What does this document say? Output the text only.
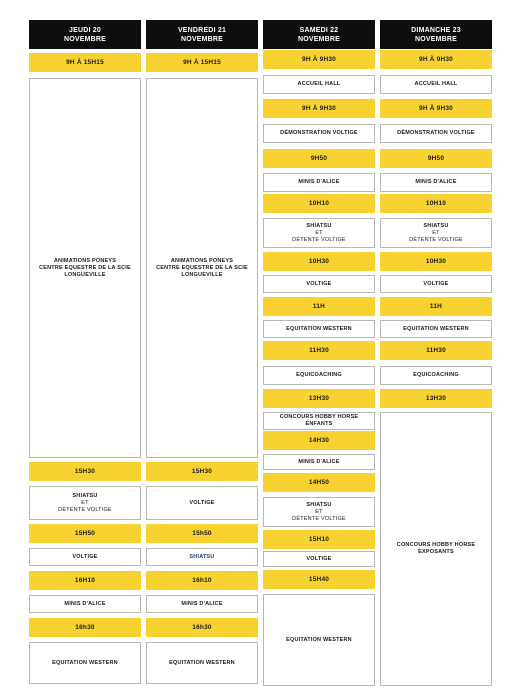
JEUDI 20
NOVEMBRE
9H À 15H15
ANIMATIONS PONEYS
CENTRE EQUESTRE DE LA SCIE
LONGUEVILLE
15H30
SHIATSU
ET
DÉTENTE VOLTIGE
15H50
VOLTIGE
16H10
MINIS D'ALICE
16h30
EQUITATION WESTERN
VENDREDI 21
NOVEMBRE
9H À 15H15
ANIMATIONS PONEYS
CENTRE EQUESTRE DE LA SCIE
LONGUEVILLE
15H30
VOLTIGE
15h50
SHIATSU
16h10
MINIS D'ALICE
16h30
EQUITATION WESTERN
SAMEDI 22
NOVEMBRE
9H À 9H30
ACCUEIL HALL
9H À 9H30
DÉMONSTRATION VOLTIGE
9H50
MINIS D'ALICE
10H10
SHIATSU
ET
DÉTENTE VOLTIGE
10H30
VOLTIGE
11H
EQUITATION WESTERN
11H30
EQUICOACHING
13H30
CONCOURS HOBBY HORSE ENFANTS
14H30
MINIS D'ALICE
14H50
SHIATSU
ET
DÉTENTE VOLTIGE
15H10
VOLTIGE
15H40
EQUITATION WESTERN
DIMANCHE 23
NOVEMBRE
9H À 9H30
ACCUEIL HALL
9H À 9H30
DÉMONSTRATION VOLTIGE
9H50
MINIS D'ALICE
10H10
SHIATSU
ET
DÉTENTE VOLTIGE
10H30
VOLTIGE
11H
EQUITATION WESTERN
11H30
EQUICOACHING
13H30
CONCOURS HOBBY HORSE
EXPOSANTS
